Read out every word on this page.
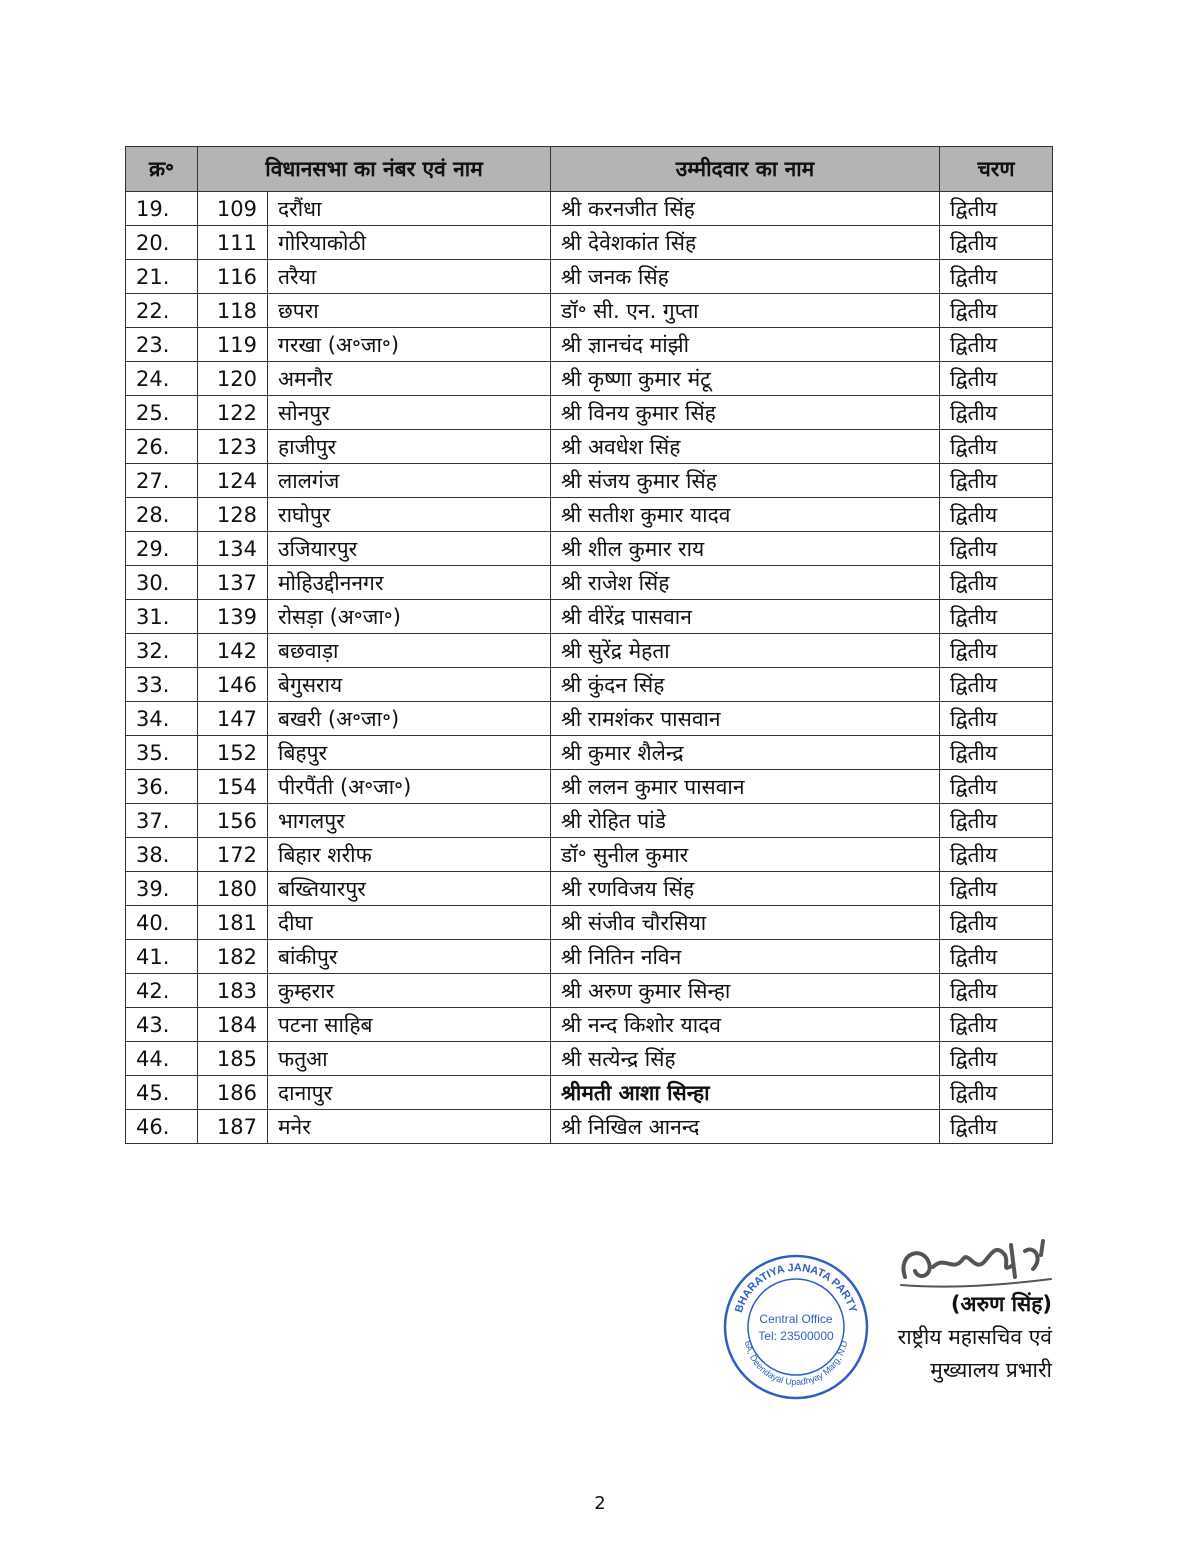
क्र॰	विधानसभा का नंबर एवं नाम		उम्मीदवार का नाम	चरण
19.	109	दरौंधा	श्री करनजीत सिंह	द्वितीय
20.	111	गोरियाकोठी	श्री देवेशकांत सिंह	द्वितीय
21.	116	तरैया	श्री जनक सिंह	द्वितीय
22.	118	छपरा	डॉ॰ सी. एन. गुप्ता	द्वितीय
23.	119	गरखा (अ॰जा॰)	श्री ज्ञानचंद मांझी	द्वितीय
24.	120	अमनौर	श्री कृष्णा कुमार मंटू	द्वितीय
25.	122	सोनपुर	श्री विनय कुमार सिंह	द्वितीय
26.	123	हाजीपुर	श्री अवधेश सिंह	द्वितीय
27.	124	लालगंज	श्री संजय कुमार सिंह	द्वितीय
28.	128	राघोपुर	श्री सतीश कुमार यादव	द्वितीय
29.	134	उजियारपुर	श्री शील कुमार राय	द्वितीय
30.	137	मोहिउद्दीननगर	श्री राजेश सिंह	द्वितीय
31.	139	रोसड़ा (अ॰जा॰)	श्री वीरेंद्र पासवान	द्वितीय
32.	142	बछवाड़ा	श्री सुरेंद्र मेहता	द्वितीय
33.	146	बेगुसराय	श्री कुंदन सिंह	द्वितीय
34.	147	बखरी (अ॰जा॰)	श्री रामशंकर पासवान	द्वितीय
35.	152	बिहपुर	श्री कुमार शैलेन्द्र	द्वितीय
36.	154	पीरपैंती (अ॰जा॰)	श्री ललन कुमार पासवान	द्वितीय
37.	156	भागलपुर	श्री रोहित पांडे	द्वितीय
38.	172	बिहार शरीफ	डॉ॰ सुनील कुमार	द्वितीय
39.	180	बख्तियारपुर	श्री रणविजय सिंह	द्वितीय
40.	181	दीघा	श्री संजीव चौरसिया	द्वितीय
41.	182	बांकीपुर	श्री नितिन नविन	द्वितीय
42.	183	कुम्हरार	श्री अरुण कुमार सिन्हा	द्वितीय
43.	184	पटना साहिब	श्री नन्द किशोर यादव	द्वितीय
44.	185	फतुआ	श्री सत्येन्द्र सिंह	द्वितीय
45.	186	दानापुर	श्रीमती आशा सिन्हा	द्वितीय
46.	187	मनेर	श्री निखिल आनन्द	द्वितीय
BHARATIYA JANATA PARTY
6A, Deendayal Upadhyay Marg, N.D
Central Office
Tel: 23500000
(अरुण सिंह)
राष्ट्रीय महासचिव एवं
मुख्यालय प्रभारी
2
